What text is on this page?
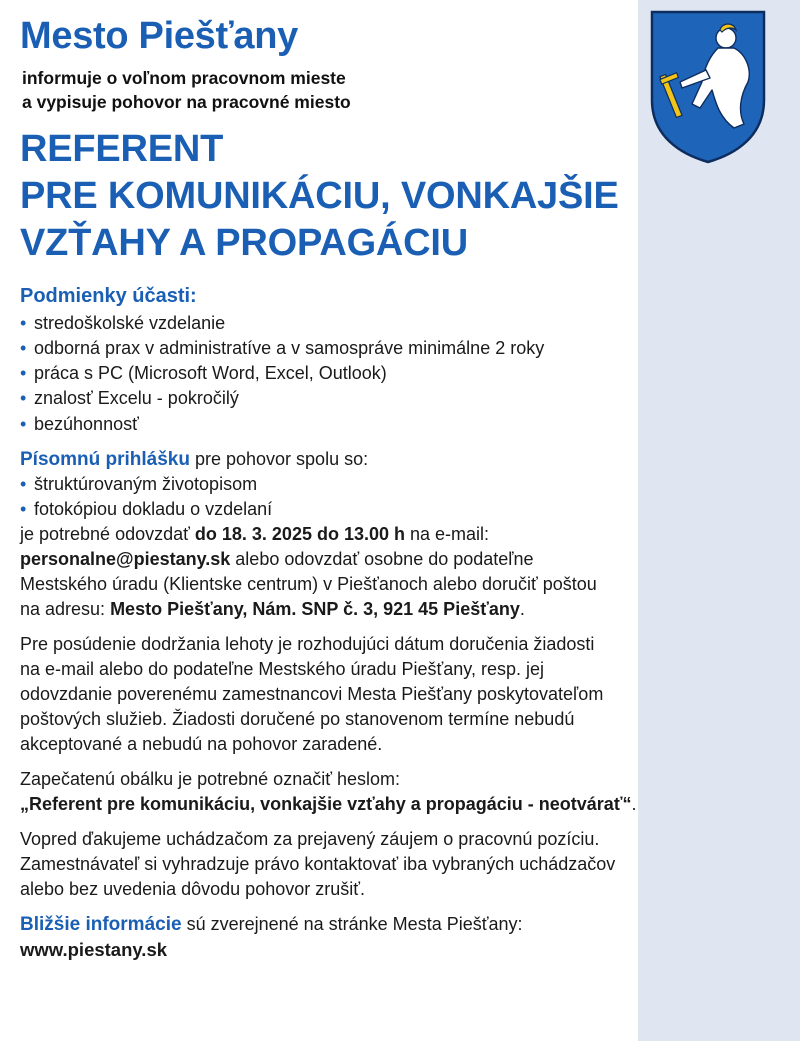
Mesto Piešťany

informuje o voľnom pracovnom mieste
a vypisuje pohovor na pracovné miesto

REFERENT
PRE KOMUNIKÁCIU, VONKAJŠIE
VZŤAHY A PROPAGÁCIU
Podmienky účasti:
• stredoškolské vzdelanie
• odborná prax v administratíve a v samospráve minimálne 2 roky
• práca s PC (Microsoft Word, Excel, Outlook)
• znalosť Excelu - pokročilý
• bezúhonnosť

Písomnú prihlášku pre pohovor spolu so:

• štruktúrovaným životopisom
• fotokópiou dokladu o vzdelaní

je potrebné odovzdať do 18. 3. 2025 do 13.00 h na e-mail:
personalne@piestany.sk alebo odovzdať osobne do podateľne
Mestského úradu (Klientske centrum) v Piešťanoch alebo doručiť poštou
na adresu: Mesto Piešťany, Nám. SNP č. 3, 921 45 Piešťany.

Pre posúdenie dodržania lehoty je rozhodujúci dátum doručenia žiadosti
na e-mail alebo do podateľne Mestského úradu Piešťany, resp. jej
odovzdanie poverenému zamestnancovi Mesta Piešťany poskytovateľom
poštových služieb. Žiadosti doručené po stanovenom termíne nebudú
akceptované a nebudú na pohovor zaradené.

Zapečatenú obálku je potrebné označiť heslom:
„Referent pre komunikáciu, vonkajšie vzťahy a propagáciu - neotvárať“.

Vopred ďakujeme uchádzačom za prejavený záujem o pracovnú pozíciu.
Zamestnávateľ si vyhradzuje právo kontaktovať iba vybraných uchádzačov
alebo bez uvedenia dôvodu pohovor zrušiť.

Bližšie informácie sú zverejnené na stránke Mesta Piešťany:
www.piestany.sk
